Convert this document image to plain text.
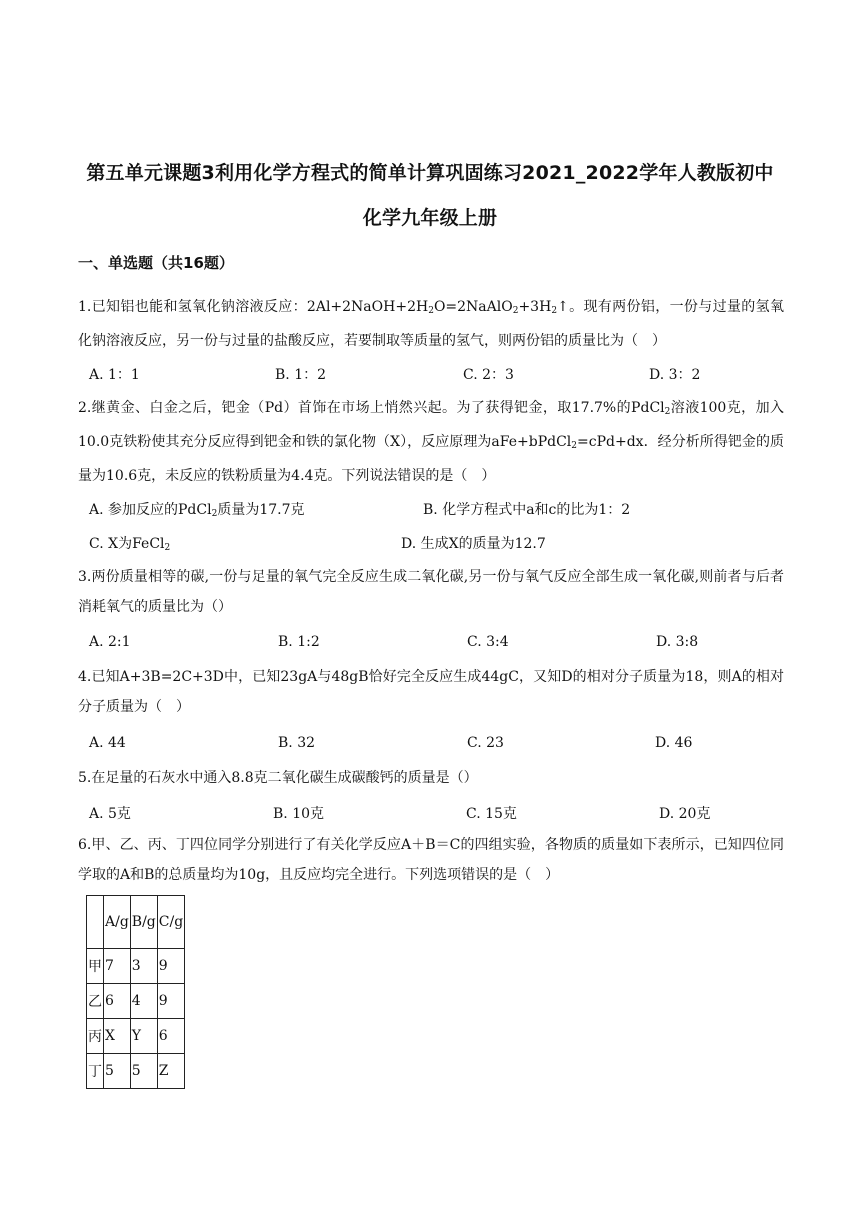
第五单元课题3利用化学方程式的简单计算巩固练习2021_2022学年人教版初中
化学九年级上册
一、单选题（共16题）
1.已知铝也能和氢氧化钠溶液反应：$2Al+2NaOH+2H_2O=2NaAlO_2+3H_2↑$。现有两份铝，一份与过量的氢氧化钠溶液反应，另一份与过量的盐酸反应，若要制取等质量的氢气，则两份铝的质量比为（　）
A. 1：1	B. 1：2	C. 2：3	D. 3：2
2.继黄金、白金之后，钯金（Pd）首饰在市场上悄然兴起。为了获得钯金，取17.7%的PdCl$_2$溶液100克，加入10.0克铁粉使其充分反应得到钯金和铁的氯化物（X），反应原理为aFe+bPdCl$_2$=cPd+dx．经分析所得钯金的质量为10.6克，未反应的铁粉质量为4.4克。下列说法错误的是（　）
A. 参加反应的PdCl$_2$质量为17.7克	B. 化学方程式中a和c的比为1：2
C. X为FeCl$_2$	D. 生成X的质量为12.7
3.两份质量相等的碳,一份与足量的氧气完全反应生成二氧化碳,另一份与氧气反应全部生成一氧化碳,则前者与后者消耗氧气的质量比为（）
A. 2:1	B. 1:2	C. 3:4	D. 3:8
4.已知A+3B=2C+3D中，已知23gA与48gB恰好完全反应生成44gC，又知D的相对分子质量为18，则A的相对分子质量为（　）
A. 44	B. 32	C. 23	D. 46
5.在足量的石灰水中通入8.8克二氧化碳生成碳酸钙的质量是（）
A. 5克	B. 10克	C. 15克	D. 20克
6.甲、乙、丙、丁四位同学分别进行了有关化学反应A＋B＝C的四组实验，各物质的质量如下表所示，已知四位同学取的A和B的总质量均为10g，且反应均完全进行。下列选项错误的是（　）
	A/g	B/g	C/g
甲	7	3	9
乙	6	4	9
丙	X	Y	6
丁	5	5	Z
